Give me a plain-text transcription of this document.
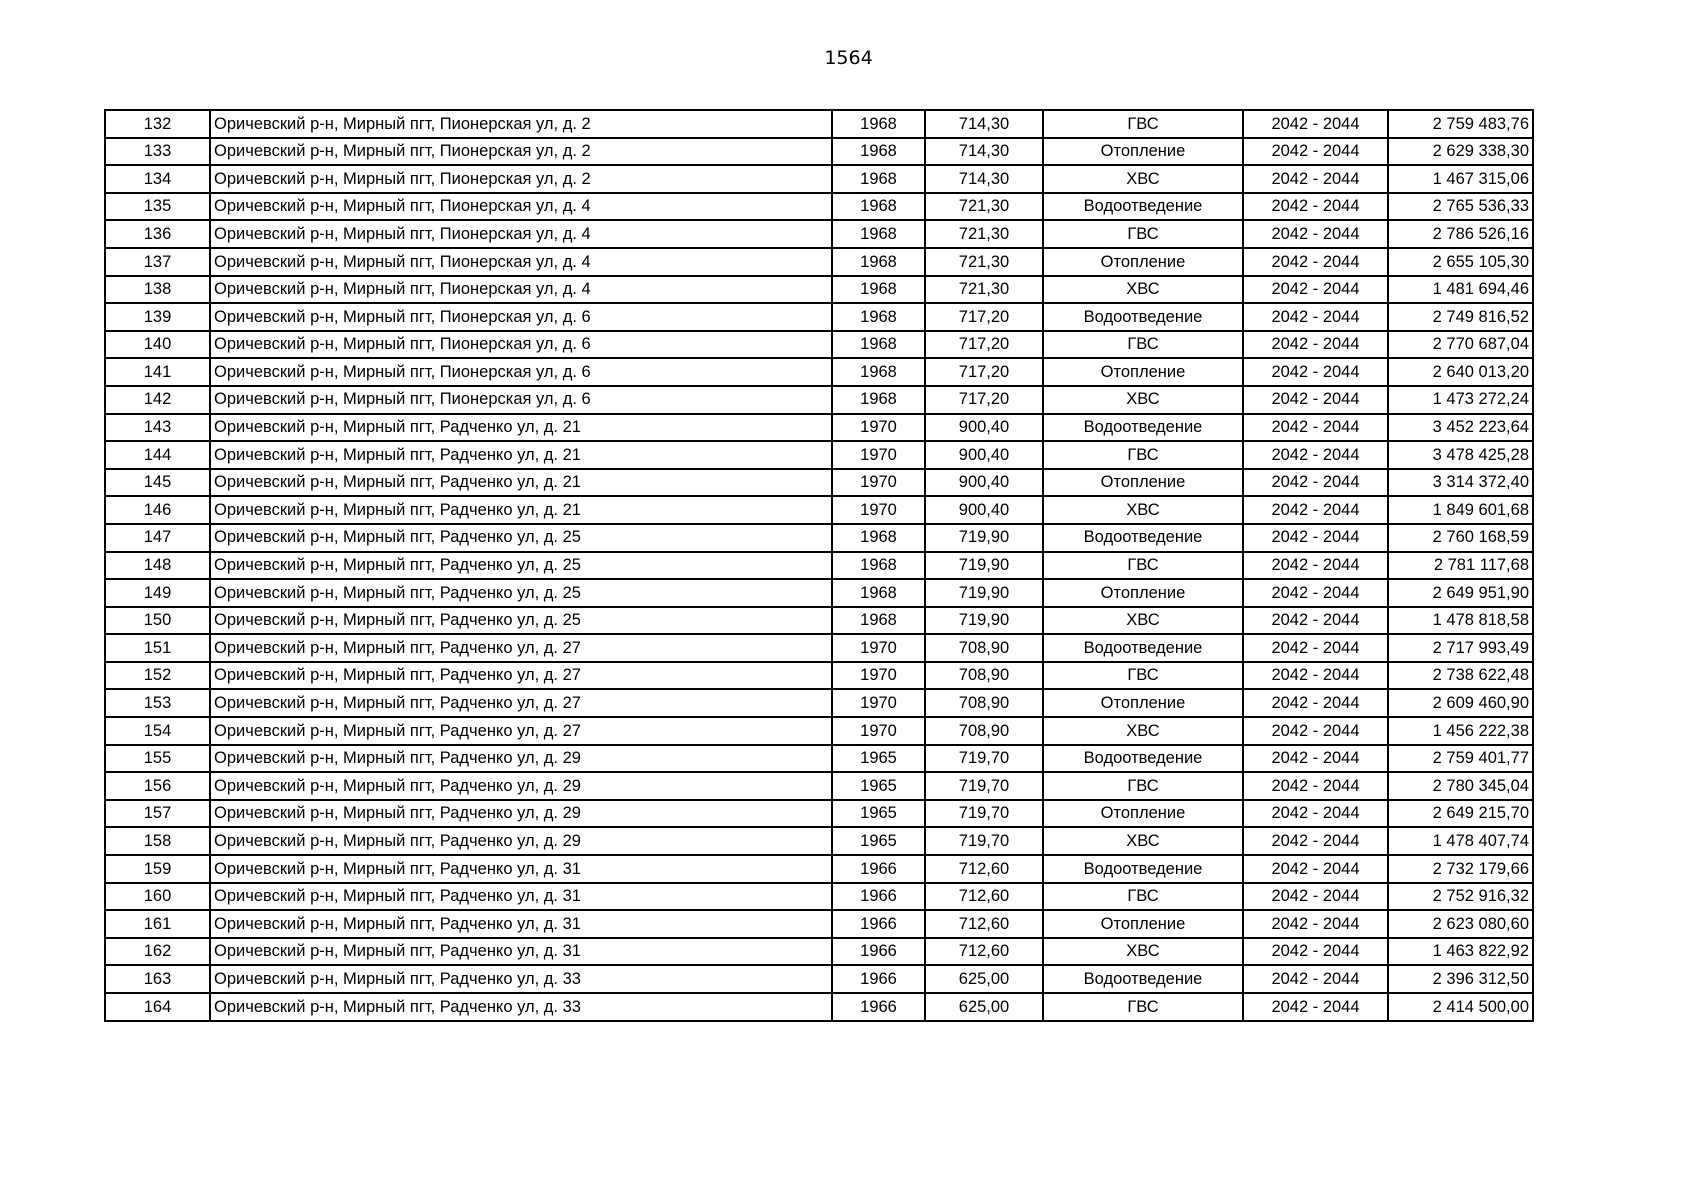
1564
132	Оричевский р-н, Мирный пгт, Пионерская ул, д. 2	1968	714,30	ГВС	2042 - 2044	2 759 483,76
133	Оричевский р-н, Мирный пгт, Пионерская ул, д. 2	1968	714,30	Отопление	2042 - 2044	2 629 338,30
134	Оричевский р-н, Мирный пгт, Пионерская ул, д. 2	1968	714,30	ХВС	2042 - 2044	1 467 315,06
135	Оричевский р-н, Мирный пгт, Пионерская ул, д. 4	1968	721,30	Водоотведение	2042 - 2044	2 765 536,33
136	Оричевский р-н, Мирный пгт, Пионерская ул, д. 4	1968	721,30	ГВС	2042 - 2044	2 786 526,16
137	Оричевский р-н, Мирный пгт, Пионерская ул, д. 4	1968	721,30	Отопление	2042 - 2044	2 655 105,30
138	Оричевский р-н, Мирный пгт, Пионерская ул, д. 4	1968	721,30	ХВС	2042 - 2044	1 481 694,46
139	Оричевский р-н, Мирный пгт, Пионерская ул, д. 6	1968	717,20	Водоотведение	2042 - 2044	2 749 816,52
140	Оричевский р-н, Мирный пгт, Пионерская ул, д. 6	1968	717,20	ГВС	2042 - 2044	2 770 687,04
141	Оричевский р-н, Мирный пгт, Пионерская ул, д. 6	1968	717,20	Отопление	2042 - 2044	2 640 013,20
142	Оричевский р-н, Мирный пгт, Пионерская ул, д. 6	1968	717,20	ХВС	2042 - 2044	1 473 272,24
143	Оричевский р-н, Мирный пгт, Радченко ул, д. 21	1970	900,40	Водоотведение	2042 - 2044	3 452 223,64
144	Оричевский р-н, Мирный пгт, Радченко ул, д. 21	1970	900,40	ГВС	2042 - 2044	3 478 425,28
145	Оричевский р-н, Мирный пгт, Радченко ул, д. 21	1970	900,40	Отопление	2042 - 2044	3 314 372,40
146	Оричевский р-н, Мирный пгт, Радченко ул, д. 21	1970	900,40	ХВС	2042 - 2044	1 849 601,68
147	Оричевский р-н, Мирный пгт, Радченко ул, д. 25	1968	719,90	Водоотведение	2042 - 2044	2 760 168,59
148	Оричевский р-н, Мирный пгт, Радченко ул, д. 25	1968	719,90	ГВС	2042 - 2044	2 781 117,68
149	Оричевский р-н, Мирный пгт, Радченко ул, д. 25	1968	719,90	Отопление	2042 - 2044	2 649 951,90
150	Оричевский р-н, Мирный пгт, Радченко ул, д. 25	1968	719,90	ХВС	2042 - 2044	1 478 818,58
151	Оричевский р-н, Мирный пгт, Радченко ул, д. 27	1970	708,90	Водоотведение	2042 - 2044	2 717 993,49
152	Оричевский р-н, Мирный пгт, Радченко ул, д. 27	1970	708,90	ГВС	2042 - 2044	2 738 622,48
153	Оричевский р-н, Мирный пгт, Радченко ул, д. 27	1970	708,90	Отопление	2042 - 2044	2 609 460,90
154	Оричевский р-н, Мирный пгт, Радченко ул, д. 27	1970	708,90	ХВС	2042 - 2044	1 456 222,38
155	Оричевский р-н, Мирный пгт, Радченко ул, д. 29	1965	719,70	Водоотведение	2042 - 2044	2 759 401,77
156	Оричевский р-н, Мирный пгт, Радченко ул, д. 29	1965	719,70	ГВС	2042 - 2044	2 780 345,04
157	Оричевский р-н, Мирный пгт, Радченко ул, д. 29	1965	719,70	Отопление	2042 - 2044	2 649 215,70
158	Оричевский р-н, Мирный пгт, Радченко ул, д. 29	1965	719,70	ХВС	2042 - 2044	1 478 407,74
159	Оричевский р-н, Мирный пгт, Радченко ул, д. 31	1966	712,60	Водоотведение	2042 - 2044	2 732 179,66
160	Оричевский р-н, Мирный пгт, Радченко ул, д. 31	1966	712,60	ГВС	2042 - 2044	2 752 916,32
161	Оричевский р-н, Мирный пгт, Радченко ул, д. 31	1966	712,60	Отопление	2042 - 2044	2 623 080,60
162	Оричевский р-н, Мирный пгт, Радченко ул, д. 31	1966	712,60	ХВС	2042 - 2044	1 463 822,92
163	Оричевский р-н, Мирный пгт, Радченко ул, д. 33	1966	625,00	Водоотведение	2042 - 2044	2 396 312,50
164	Оричевский р-н, Мирный пгт, Радченко ул, д. 33	1966	625,00	ГВС	2042 - 2044	2 414 500,00
